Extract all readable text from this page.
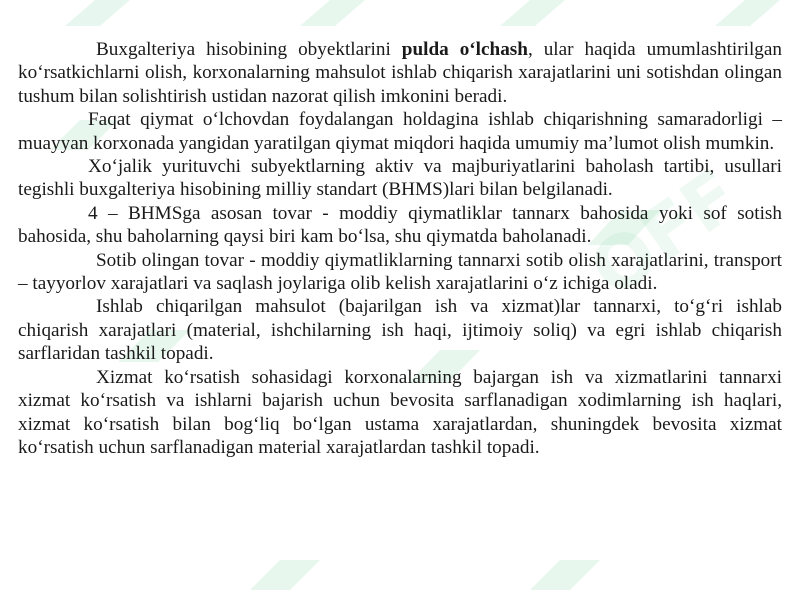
OFF

Buxgalteriya hisobining obyektlarini pulda o‘lchash, ular haqida umumlashtirilgan ko‘rsatkichlarni olish, korxonalarning mahsulot ishlab chiqarish xarajatlarini uni sotishdan olingan tushum bilan solishtirish ustidan nazorat qilish imkonini beradi.

Faqat qiymat o‘lchovdan foydalangan holdagina ishlab chiqarishning samaradorligi – muayyan korxonada yangidan yaratilgan qiymat miqdori haqida umumiy ma’lumot olish mumkin.

Xo‘jalik yurituvchi subyektlarning aktiv va majburiyatlarini baholash tartibi, usullari tegishli buxgalteriya hisobining milliy standart (BHMS)lari bilan belgilanadi.

4 – BHMSga asosan tovar - moddiy qiymatliklar tannarx bahosida yoki sof sotish bahosida, shu baholarning qaysi biri kam bo‘lsa, shu qiymatda baholanadi.

Sotib olingan tovar - moddiy qiymatliklarning tannarxi sotib olish xarajatlarini, transport – tayyorlov xarajatlari va saqlash joylariga olib kelish xarajatlarini o‘z ichiga oladi.

Ishlab chiqarilgan mahsulot (bajarilgan ish va xizmat)lar tannarxi, to‘g‘ri ishlab chiqarish xarajatlari (material, ishchilarning ish haqi, ijtimoiy soliq) va egri ishlab chiqarish sarflaridan tashkil topadi.

Xizmat ko‘rsatish sohasidagi korxonalarning bajargan ish va xizmatlarini tannarxi xizmat ko‘rsatish va ishlarni bajarish uchun bevosita sarflanadigan xodimlarning ish haqlari, xizmat ko‘rsatish bilan bog‘liq bo‘lgan ustama xarajatlardan, shuningdek bevosita xizmat ko‘rsatish uchun sarflanadigan material xarajatlardan tashkil topadi.
